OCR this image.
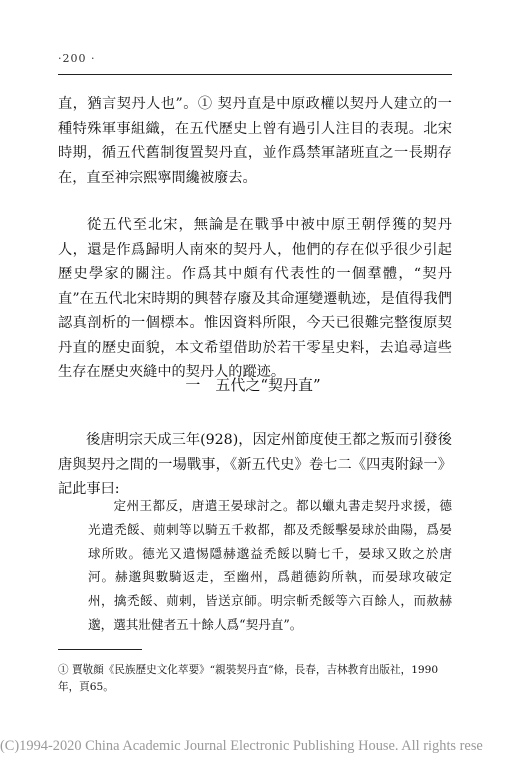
·200 ·

直，猶言契丹人也”。① 契丹直是中原政權以契丹人建立的一種特殊軍事組織，在五代歷史上曾有過引人注目的表現。北宋時期，循五代舊制復置契丹直，並作爲禁軍諸班直之一長期存在，直至神宗熙寧間纔被廢去。

從五代至北宋，無論是在戰爭中被中原王朝俘獲的契丹人，還是作爲歸明人南來的契丹人，他們的存在似乎很少引起歷史學家的關注。作爲其中頗有代表性的一個羣體，“契丹直”在五代北宋時期的興替存廢及其命運變遷軌迹，是值得我們認真剖析的一個標本。惟因資料所限，今天已很難完整復原契丹直的歷史面貌，本文希望借助於若干零星史料，去追尋這些生存在歷史夾縫中的契丹人的蹤迹。

一　五代之“契丹直”

後唐明宗天成三年(928)，因定州節度使王都之叛而引發後唐與契丹之間的一場戰事，《新五代史》卷七二《四夷附録一》記此事曰:

定州王都反，唐遣王晏球討之。都以蠟丸書走契丹求援，德光遣禿餒、荝剌等以騎五千救都，都及禿餒擊晏球於曲陽，爲晏球所敗。德光又遣惕隱赫邈益禿餒以騎七千，晏球又敗之於唐河。赫邈與數騎返走，至幽州，爲趙德鈞所執，而晏球攻破定州，擒禿餒、荝剌，皆送京師。明宗斬禿餒等六百餘人，而赦赫邈，選其壯健者五十餘人爲“契丹直”。

① 賈敬顔《民族歷史文化萃要》“親裝契丹直”條，長春，吉林教育出版社，1990年，頁65。

(C)1994-2020 China Academic Journal Electronic Publishing House. All rights rese
